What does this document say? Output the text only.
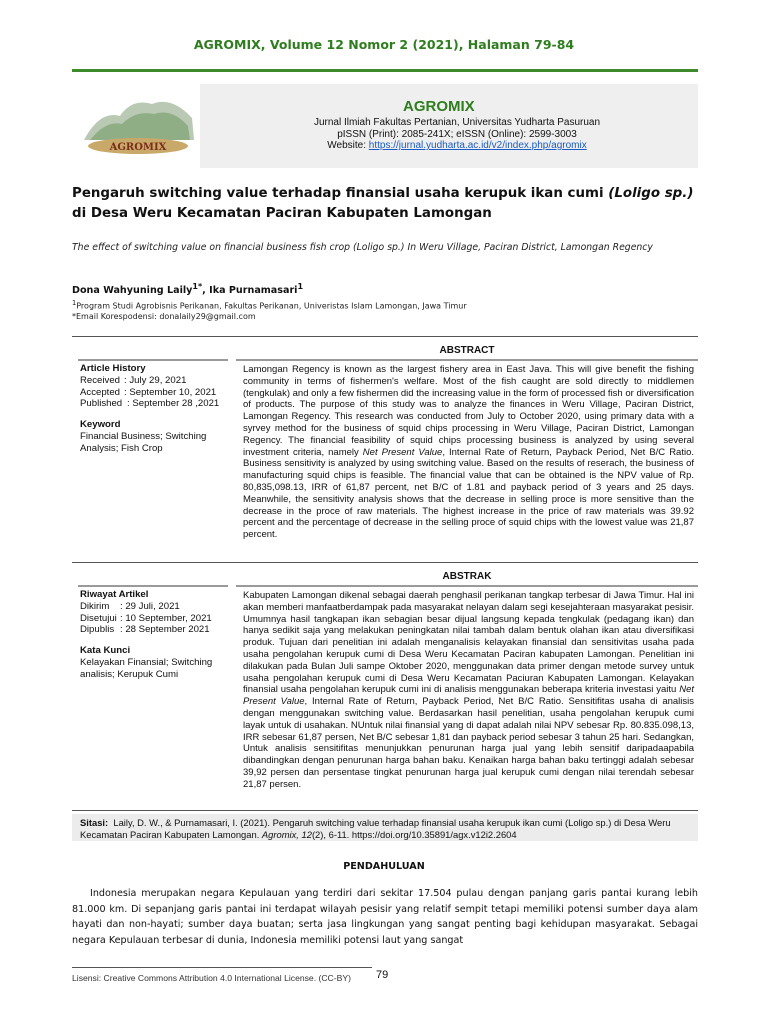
AGROMIX, Volume 12 Nomor 2 (2021), Halaman 79-84
AGROMIX
AGROMIX
Jurnal Ilmiah Fakultas Pertanian, Universitas Yudharta Pasuruan
pISSN (Print): 2085-241X; eISSN (Online): 2599-3003
Website: https://jurnal.yudharta.ac.id/v2/index.php/agromix
Pengaruh switching value terhadap finansial usaha kerupuk ikan cumi (Loligo sp.)
di Desa Weru Kecamatan Paciran Kabupaten Lamongan
The effect of switching value on financial business fish crop (Loligo sp.) In Weru Village, Paciran District, Lamongan Regency
Dona Wahyuning Laily$^{1*}$, Ika Purnamasari$^1$
$^1$Program Studi Agrobisnis Perikanan, Fakultas Perikanan, Univeristas Islam Lamongan, Jawa Timur
*Email Korespodensi: donalaily29@gmail.com
ABSTRACT
Article History
Received : July 29, 2021
Accepted : September 10, 2021
Published : September 28 ,2021
Keyword
Financial Business; Switching Analysis; Fish Crop
Lamongan Regency is known as the largest fishery area in East Java. This will give benefit the fishing community in terms of fishermen's welfare. Most of the fish caught are sold directly to middlemen (tengkulak) and only a few fishermen did the increasing value in the form of processed fish or diversification of products. The purpose of this study was to analyze the finances in Weru Village, Paciran District, Lamongan Regency. This research was conducted from July to October 2020, using primary data with a syrvey method for the business of squid chips processing in Weru Village, Paciran District, Lamongan Regency. The financial feasibility of squid chips processing business is analyzed by using several investment criteria, namely Net Present Value, Internal Rate of Return, Payback Period, Net B/C Ratio. Business sensitivity is analyzed by using switching value. Based on the results of reserach, the business of manufacturing squid chips is feasible. The financial value that can be obtained is the NPV value of Rp. 80,835,098.13, IRR of 61,87 percent, net B/C of 1.81 and payback period of 3 years and 25 days. Meanwhile, the sensitivity analysis shows that the decrease in selling proce is more sensitive than the decrease in the proce of raw materials. The highest increase in the price of raw materials was 39.92 percent and the percentage of decrease in the selling proce of squid chips with the lowest value was 21,87 percent.
ABSTRAK
Riwayat Artikel
Dikirim	: 29 Juli, 2021
Disetujui : 10 September, 2021
Dipublis : 28 September 2021
Kata Kunci
Kelayakan Finansial; Switching analisis; Kerupuk Cumi
Kabupaten Lamongan dikenal sebagai daerah penghasil perikanan tangkap terbesar di Jawa Timur. Hal ini akan memberi manfaatberdampak pada masyarakat nelayan dalam segi kesejahteraan masyarakat pesisir. Umumnya hasil tangkapan ikan sebagian besar dijual langsung kepada tengkulak (pedagang ikan) dan hanya sedikit saja yang melakukan peningkatan nilai tambah dalam bentuk olahan ikan atau diversifikasi produk. Tujuan dari penelitian ini adalah menganalisis kelayakan finansial dan sensitivitas usaha pada usaha pengolahan kerupuk cumi di Desa Weru Kecamatan Paciran kabupaten Lamongan. Penelitian ini dilakukan pada Bulan Juli sampe Oktober 2020, menggunakan data primer dengan metode survey untuk usaha pengolahan kerupuk cumi di Desa Weru Kecamatan Paciuran Kabupaten Lamongan. Kelayakan finansial usaha pengolahan kerupuk cumi ini di analisis menggunakan beberapa kriteria investasi yaitu Net Present Value, Internal Rate of Return, Payback Period, Net B/C Ratio. Sensitifitas usaha di analisis dengan menggunakan switching value. Berdasarkan hasil penelitian, usaha pengolahan kerupuk cumi layak untuk di usahakan. NUntuk nilai finansial yang di dapat adalah nilai NPV sebesar Rp. 80.835.098,13, IRR sebesar 61,87 persen, Net B/C sebesar 1,81 dan payback period sebesar 3 tahun 25 hari. Sedangkan, Untuk analisis sensitifitas menunjukkan penurunan harga jual yang lebih sensitif daripadaapabila dibandingkan dengan penurunan harga bahan baku. Kenaikan harga bahan baku tertinggi adalah sebesar 39,92 persen dan persentase tingkat penurunan harga jual kerupuk cumi dengan nilai terendah sebesar 21,87 persen.
Sitasi: Laily, D. W., & Purnamasari, I. (2021). Pengaruh switching value terhadap finansial usaha kerupuk ikan cumi (Loligo sp.) di Desa Weru Kecamatan Paciran Kabupaten Lamongan. Agromix, 12(2), 6-11. https://doi.org/10.35891/agx.v12i2.2604
PENDAHULUAN
Indonesia merupakan negara Kepulauan yang terdiri dari sekitar 17.504 pulau dengan panjang garis pantai kurang lebih 81.000 km. Di sepanjang garis pantai ini terdapat wilayah pesisir yang relatif sempit tetapi memiliki potensi sumber daya alam hayati dan non-hayati; sumber daya buatan; serta jasa lingkungan yang sangat penting bagi kehidupan masyarakat. Sebagai negara Kepulauan terbesar di dunia, Indonesia memiliki potensi laut yang sangat
Lisensi: Creative Commons Attribution 4.0 International License. (CC-BY) 79
